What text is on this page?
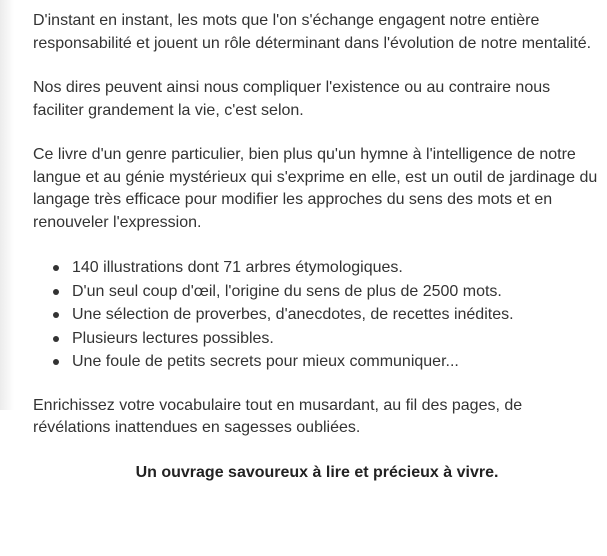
D'instant en instant, les mots que l'on s'échange engagent notre entière responsabilité et jouent un rôle déterminant dans l'évolution de notre mentalité.

Nos dires peuvent ainsi nous compliquer l'existence ou au contraire nous faciliter grandement la vie, c'est selon.

Ce livre d'un genre particulier, bien plus qu'un hymne à l'intelligence de notre langue et au génie mystérieux qui s'exprime en elle, est un outil de jardinage du langage très efficace pour modifier les approches du sens des mots et en renouveler l'expression.

140 illustrations dont 71 arbres étymologiques.
D'un seul coup d'œil, l'origine du sens de plus de 2500 mots.
Une sélection de proverbes, d'anecdotes, de recettes inédites.
Plusieurs lectures possibles.
Une foule de petits secrets pour mieux communiquer...

Enrichissez votre vocabulaire tout en musardant, au fil des pages, de révélations inattendues en sagesses oubliées.

Un ouvrage savoureux à lire et précieux à vivre.
